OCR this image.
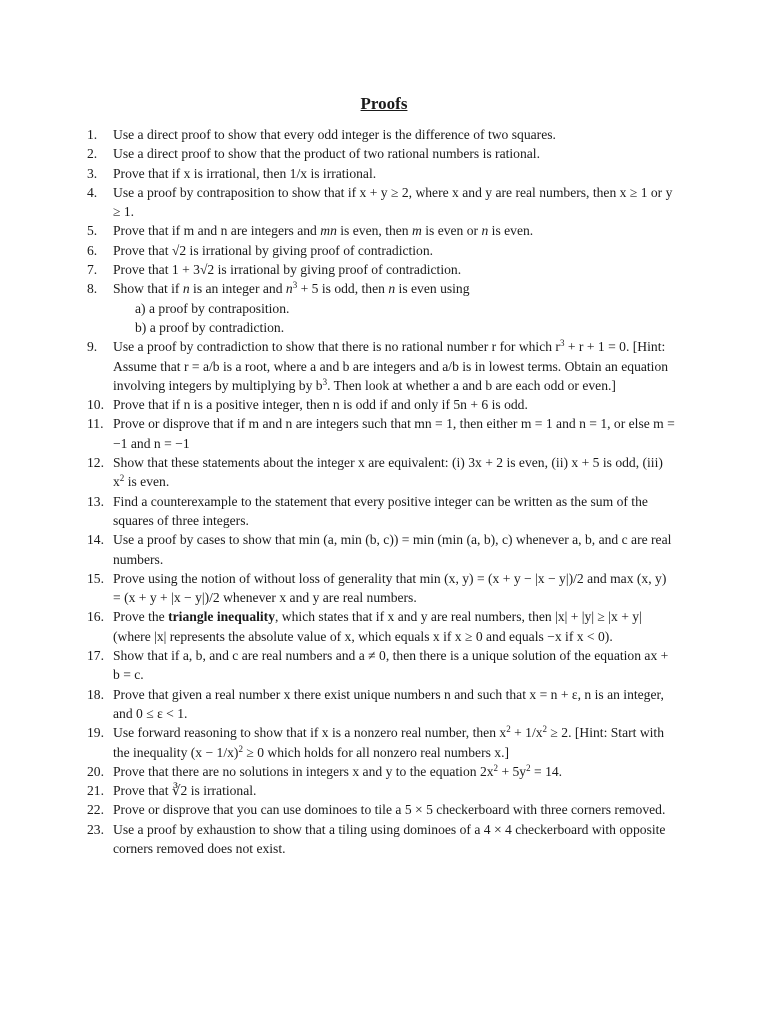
Proofs
1.	Use a direct proof to show that every odd integer is the difference of two squares.
2.	Use a direct proof to show that the product of two rational numbers is rational.
3.	Prove that if x is irrational, then 1/x is irrational.
4.	Use a proof by contraposition to show that if x + y ≥ 2, where x and y are real numbers, then x ≥ 1 or y ≥ 1.
5.	Prove that if m and n are integers and mn is even, then m is even or n is even.
6.	Prove that √2 is irrational by giving proof of contradiction.
7.	Prove that 1 + 3√2 is irrational by giving proof of contradiction.
8.	Show that if n is an integer and $n^3 + 5$ is odd, then n is even using
a) a proof by contraposition.
b) a proof by contradiction.
9.	Use a proof by contradiction to show that there is no rational number r for which $r^3 + r + 1 = 0$. [Hint: Assume that r = a/b is a root, where a and b are integers and a/b is in lowest terms. Obtain an equation involving integers by multiplying by $b^3$. Then look at whether a and b are each odd or even.]
10. Prove that if n is a positive integer, then n is odd if and only if 5n + 6 is odd.
11. Prove or disprove that if m and n are integers such that mn = 1, then either m = 1 and n = 1, or else m = −1 and n = −1
12. Show that these statements about the integer x are equivalent: (i) 3x + 2 is even, (ii) x + 5 is odd, (iii) $x^2$ is even.
13. Find a counterexample to the statement that every positive integer can be written as the sum of the squares of three integers.
14. Use a proof by cases to show that min (a, min (b, c)) = min (min (a, b), c) whenever a, b, and c are real numbers.
15. Prove using the notion of without loss of generality that min (x, y) = (x + y − |x − y|)/2 and max (x, y) = (x + y + |x − y|)/2 whenever x and y are real numbers.
16. Prove the triangle inequality, which states that if x and y are real numbers, then |x| + |y| ≥ |x + y| (where |x| represents the absolute value of x, which equals x if x ≥ 0 and equals −x if x < 0).
17. Show that if a, b, and c are real numbers and a ≠ 0, then there is a unique solution of the equation ax + b = c.
18. Prove that given a real number x there exist unique numbers n and such that x = n + ε, n is an integer, and 0 ≤ ε < 1.
19. Use forward reasoning to show that if x is a nonzero real number, then $x^2 + 1/x^2 \ge 2$. [Hint: Start with the inequality $(x - 1/x)^2 \ge 0$ which holds for all nonzero real numbers x.]
20. Prove that there are no solutions in integers x and y to the equation $2x^2 + 5y^2 = 14$.
21. Prove that ∛2 is irrational.
22. Prove or disprove that you can use dominoes to tile a 5 × 5 checkerboard with three corners removed.
23. Use a proof by exhaustion to show that a tiling using dominoes of a 4 × 4 checkerboard with opposite corners removed does not exist.
